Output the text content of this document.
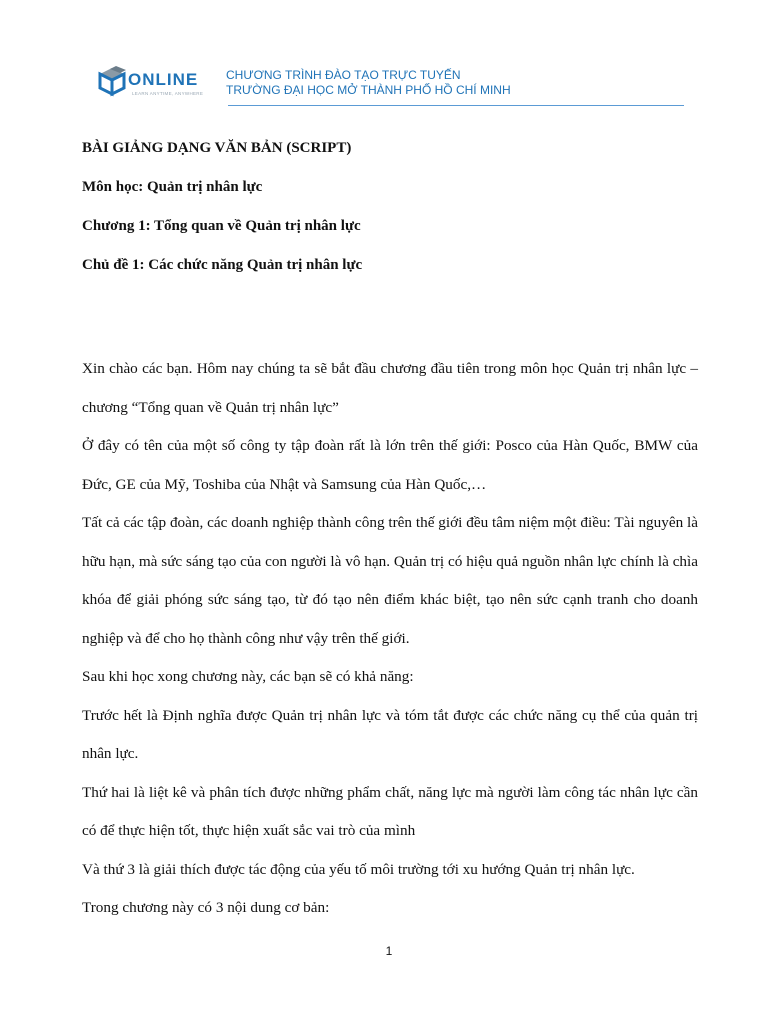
ONLINE
LEARN ANYTIME, ANYWHERE
CHƯƠNG TRÌNH ĐÀO TẠO TRỰC TUYẾN
TRƯỜNG ĐẠI HỌC MỞ THÀNH PHỐ HỒ CHÍ MINH
BÀI GIẢNG DẠNG VĂN BẢN (SCRIPT)
Môn học: Quản trị nhân lực
Chương 1: Tổng quan về Quản trị nhân lực
Chủ đề 1: Các chức năng Quản trị nhân lực

Xin chào các bạn. Hôm nay chúng ta sẽ bắt đầu chương đầu tiên trong môn học Quản trị nhân lực – chương “Tổng quan về Quản trị nhân lực”

Ở đây có tên của một số công ty tập đoàn rất là lớn trên thế giới: Posco của Hàn Quốc, BMW của Đức, GE của Mỹ, Toshiba của Nhật và Samsung của Hàn Quốc,…

Tất cả các tập đoàn, các doanh nghiệp thành công trên thế giới đều tâm niệm một điều: Tài nguyên là hữu hạn, mà sức sáng tạo của con người là vô hạn. Quản trị có hiệu quả nguồn nhân lực chính là chìa khóa để giải phóng sức sáng tạo, từ đó tạo nên điểm khác biệt, tạo nên sức cạnh tranh cho doanh nghiệp và để cho họ thành công như vậy trên thế giới.

Sau khi học xong chương này, các bạn sẽ có khả năng:

Trước hết là Định nghĩa được Quản trị nhân lực và tóm tắt được các chức năng cụ thể của quản trị nhân lực.

Thứ hai là liệt kê và phân tích được những phẩm chất, năng lực mà người làm công tác nhân lực cần có để thực hiện tốt, thực hiện xuất sắc vai trò của mình

Và thứ 3 là giải thích được tác động của yếu tố môi trường tới xu hướng Quản trị nhân lực.

Trong chương này có 3 nội dung cơ bản:

1
